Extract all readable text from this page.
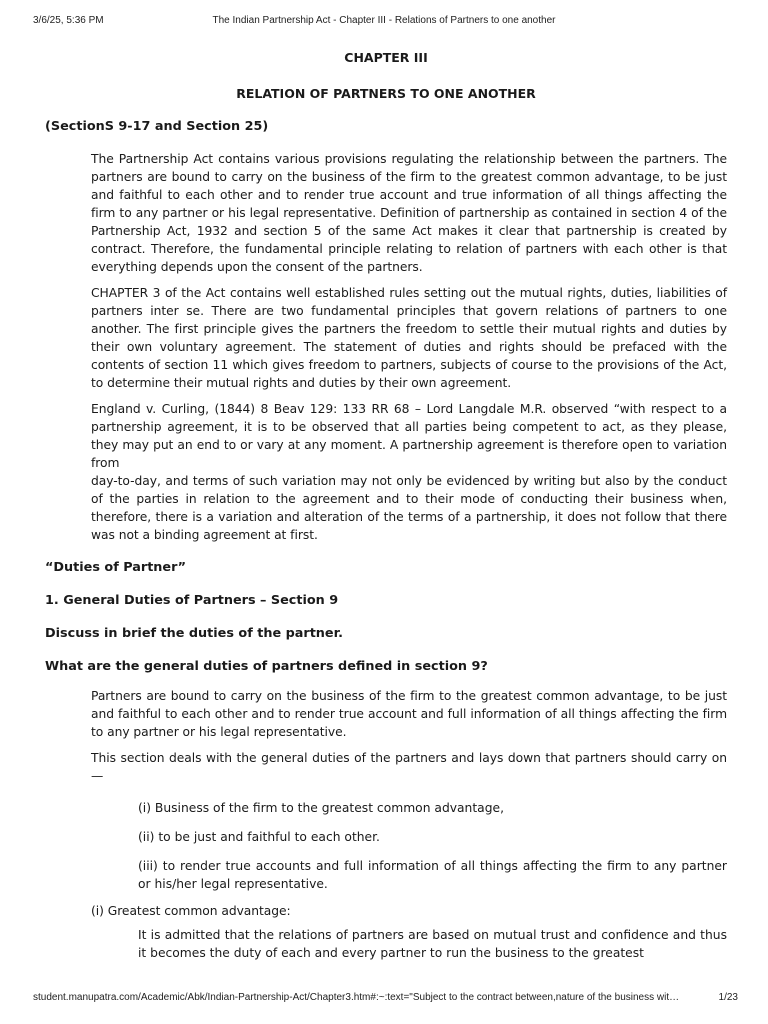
3/6/25, 5:36 PM	The Indian Partnership Act - Chapter III - Relations of Partners to one another

CHAPTER III

RELATION OF PARTNERS TO ONE ANOTHER

(SectionS 9-17 and Section 25)

The Partnership Act contains various provisions regulating the relationship between the partners. The partners are bound to carry on the business of the firm to the greatest common advantage, to be just and faithful to each other and to render true account and true information of all things affecting the firm to any partner or his legal representative. Definition of partnership as contained in section 4 of the Partnership Act, 1932 and section 5 of the same Act makes it clear that partnership is created by contract. Therefore, the fundamental principle relating to relation of partners with each other is that everything depends upon the consent of the partners.

CHAPTER 3 of the Act contains well established rules setting out the mutual rights, duties, liabilities of partners inter se. There are two fundamental principles that govern relations of partners to one another. The first principle gives the partners the freedom to settle their mutual rights and duties by their own voluntary agreement. The statement of duties and rights should be prefaced with the contents of section 11 which gives freedom to partners, subjects of course to the provisions of the Act, to determine their mutual rights and duties by their own agreement.

England v. Curling, (1844) 8 Beav 129: 133 RR 68 – Lord Langdale M.R. observed “with respect to a partnership agreement, it is to be observed that all parties being competent to act, as they please, they may put an end to or vary at any moment. A partnership agreement is therefore open to variation from

day-to-day, and terms of such variation may not only be evidenced by writing but also by the conduct of the parties in relation to the agreement and to their mode of conducting their business when, therefore, there is a variation and alteration of the terms of a partnership, it does not follow that there was not a binding agreement at first.

“Duties of Partner”

1. General Duties of Partners – Section 9

Discuss in brief the duties of the partner.

What are the general duties of partners defined in section 9?

Partners are bound to carry on the business of the firm to the greatest common advantage, to be just and faithful to each other and to render true account and full information of all things affecting the firm to any partner or his legal representative.

This section deals with the general duties of the partners and lays down that partners should carry on—

(i) Business of the firm to the greatest common advantage,

(ii) to be just and faithful to each other.

(iii) to render true accounts and full information of all things affecting the firm to any partner or his/her legal representative.

(i) Greatest common advantage:

It is admitted that the relations of partners are based on mutual trust and confidence and thus it becomes the duty of each and every partner to run the business to the greatest

student.manupatra.com/Academic/Abk/Indian-Partnership-Act/Chapter3.htm#:~:text="Subject to the contract between,nature of the business wit…	1/23
